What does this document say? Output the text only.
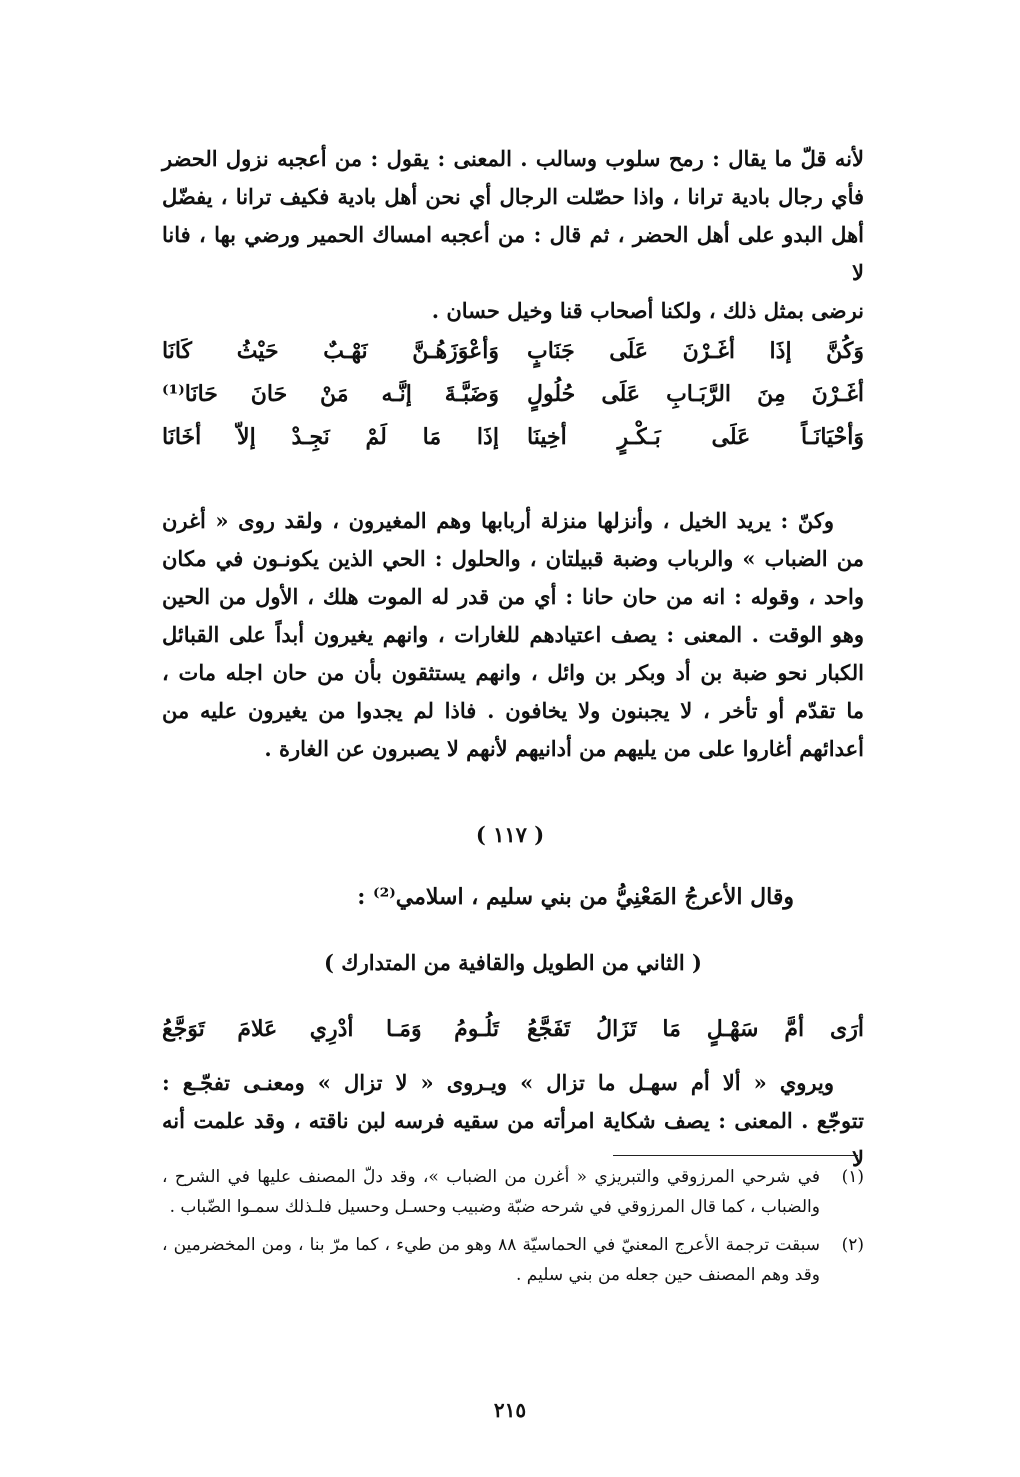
لأنه قلّ ما يقال : رمح سلوب وسالب . المعنى : يقول : من أعجبه نزول الحضر

فأي رجال بادية ترانا ، واذا حصّلت الرجال أي نحن أهل بادية فكيف ترانا ، يفضّل

أهل البدو على أهل الحضر ، ثم قال : من أعجبه امساك الحمير ورضي بها ، فانا لا

نرضى بمثل ذلك ، ولكنا أصحاب قنا وخيل حسان .

وَكُنَّ إذَا أغَـرْنَ عَلَى جَنَابٍ
وَأعْوَزَهُـنَّ نَهْـبٌ حَيْثُ كَانَا
أغَـرْنَ مِنَ الرَّبَـابِ عَلَى حُلُولٍ
وَضَبَّـةَ إنَّـه مَنْ حَانَ حَانَا⁽¹⁾
وَأحْيَانَـاً عَلَى بَـكْـرٍ أخِينَا
إذَا مَا لَمْ نَجِـدْ إلاّ أخَانَا

وكنّ : يريد الخيل ، وأنزلها منزلة أربابها وهم المغيرون ، ولقد روى « أغرن

من الضباب » والرباب وضبة قبيلتان ، والحلول : الحي الذين يكونـون في مكان

واحد ، وقوله : انه من حان حانا : أي من قدر له الموت هلك ، الأول من الحين

وهو الوقت . المعنى : يصف اعتيادهم للغارات ، وانهم يغيرون أبداً على القبائل

الكبار نحو ضبة بن أد وبكر بن وائل ، وانهم يستثقون بأن من حان اجله مات ،

ما تقدّم أو تأخر ، لا يجبنون ولا يخافون . فاذا لم يجدوا من يغيرون عليه من

أعدائهم أغاروا على من يليهم من أدانيهم لأنهم لا يصبرون عن الغارة .

( ١١٧ )
وقال الأعرجُ المَعْنِيُّ من بني سليم ، اسلامي⁽²⁾ :
( الثاني من الطويل والقافية من المتدارك )
أرَى أمَّ سَهْـلٍ مَا تَزَالُ تَفَجَّعُ
تَلُـومُ وَمَـا أدْرِي عَلامَ تَوَجَّعُ

ويروي « ألا أم سهـل ما تزال » ويـروى « لا تزال » ومعنـى تفجّـع :

تتوجّع . المعنى : يصف شكاية امرأته من سقيه فرسه لبن ناقته ، وقد علمت أنه لا

(١)
في شرحي المرزوقي والتبريزي « أغرن من الضباب »، وقد دلّ المصنف عليها في الشرح ، والضباب ، كما قال المرزوقي في شرحه ضبّة وضبيب وحسـل وحسيل فلـذلك سمـوا الضّباب .
(٢)
سبقت ترجمة الأعرج المعنيّ في الحماسيّة ٨٨ وهو من طيء ، كما مرّ بنا ، ومن المخضرمين ، وقد وهم المصنف حين جعله من بني سليم .
٢١٥
